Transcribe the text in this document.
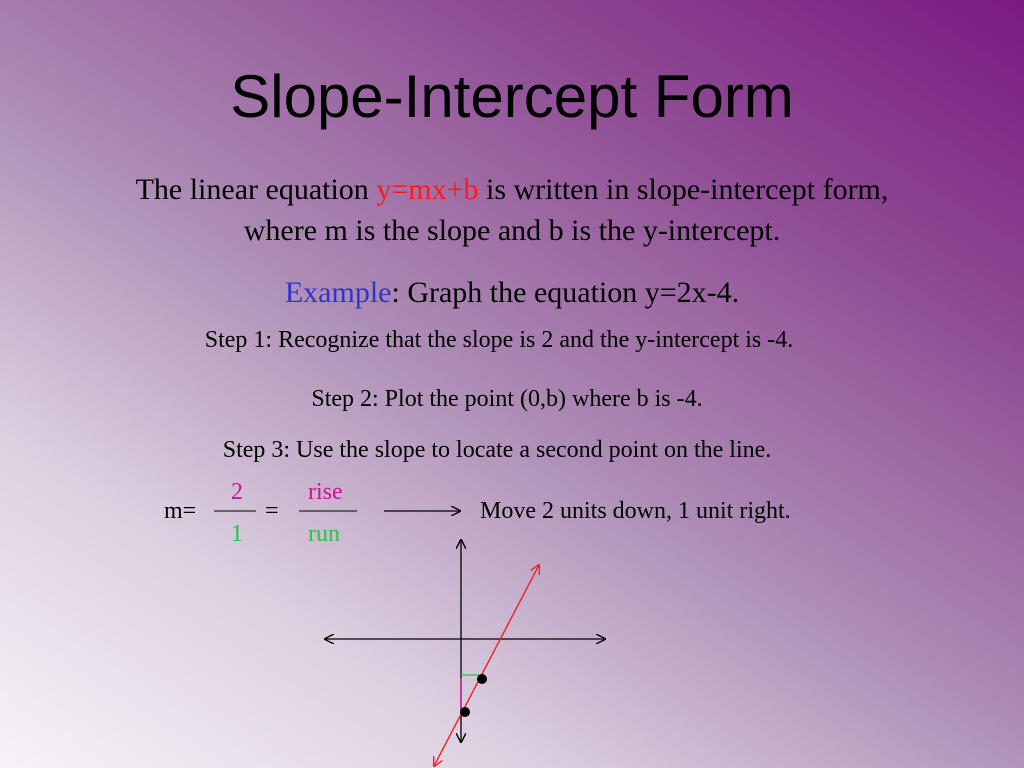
Slope-Intercept Form
The linear equation y=mx+b is written in slope-intercept form,
where m is the slope and b is the y-intercept.
Example: Graph the equation y=2x-4.
Step 1: Recognize that the slope is 2 and the y-intercept is -4.
Step 2: Plot the point (0,b) where b is -4.
Step 3: Use the slope to locate a second point on the line.
m=
2
1
=
rise
run
Move 2 units down, 1 unit right.
